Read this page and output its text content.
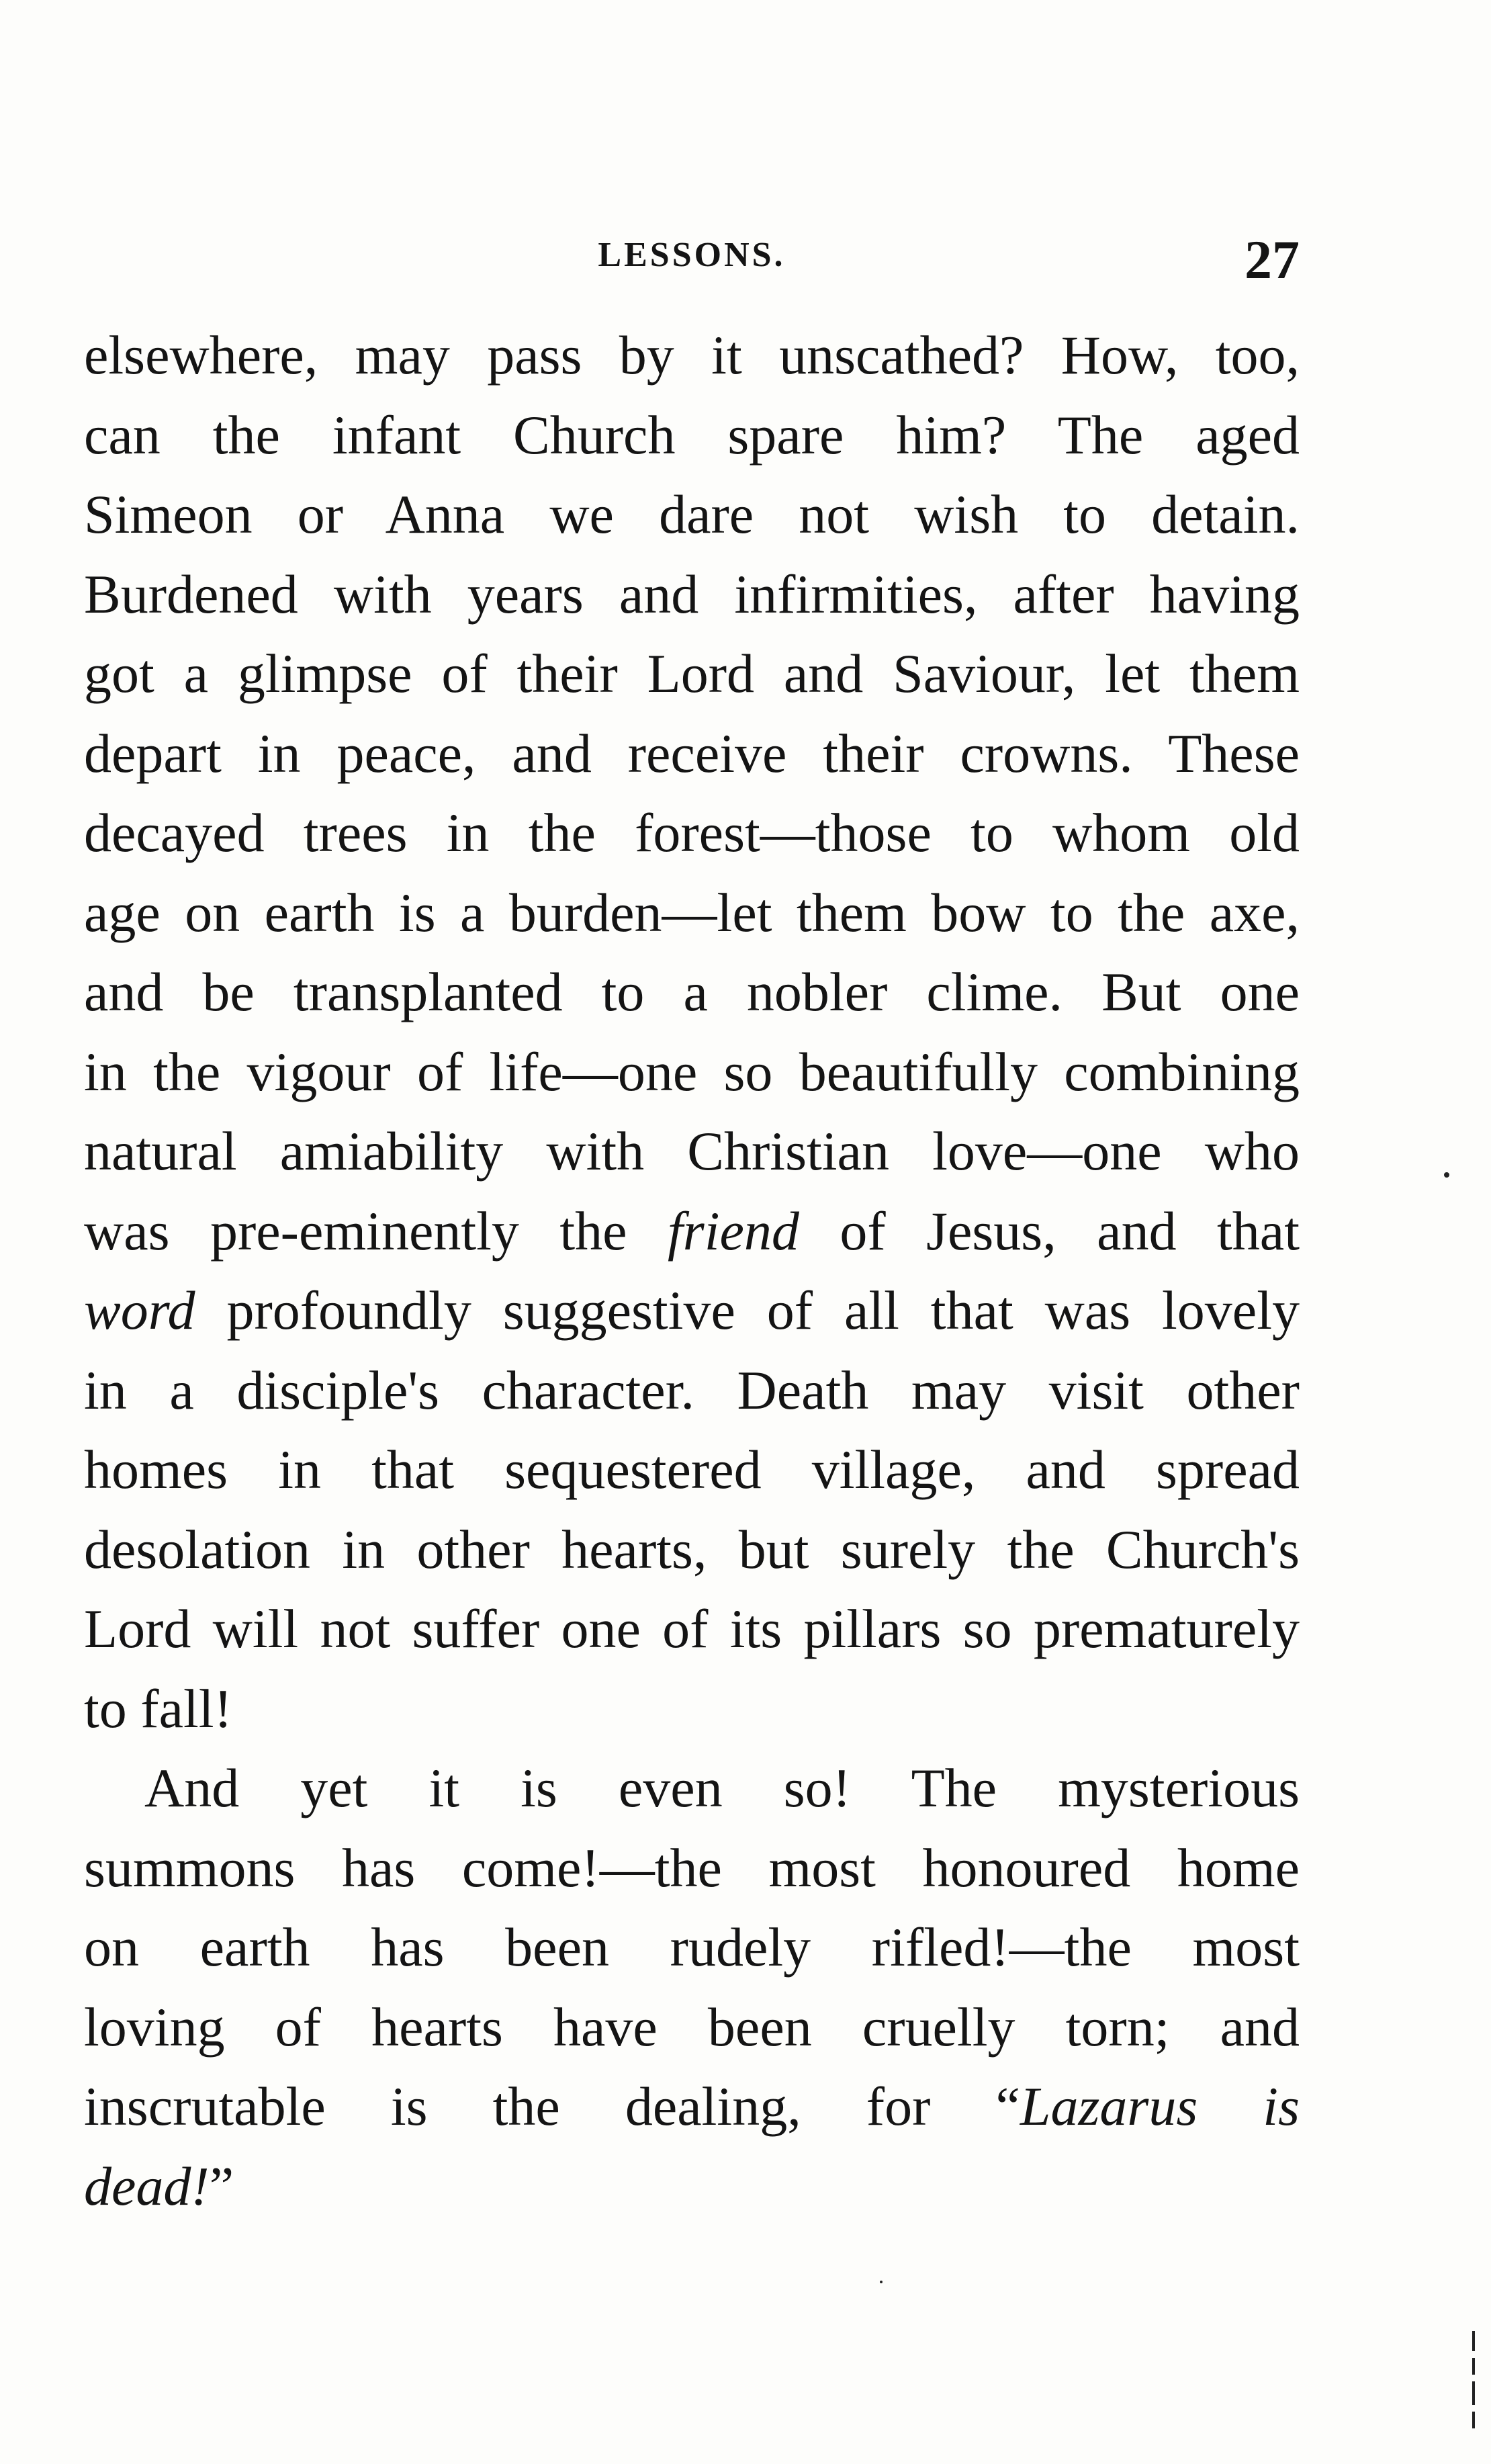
LESSONS.	27
elsewhere, may pass by it unscathed? How, too,
can the infant Church spare him? The aged
Simeon or Anna we dare not wish to detain.
Burdened with years and infirmities, after having
got a glimpse of their Lord and Saviour, let them
depart in peace, and receive their crowns. These
decayed trees in the forest—those to whom old
age on earth is a burden—let them bow to the axe,
and be transplanted to a nobler clime. But one
in the vigour of life—one so beautifully combining
natural amiability with Christian love—one who
was pre-eminently the friend of Jesus, and that
word profoundly suggestive of all that was lovely
in a disciple's character. Death may visit other
homes in that sequestered village, and spread
desolation in other hearts, but surely the Church's
Lord will not suffer one of its pillars so prematurely
to fall!
And yet it is even so! The mysterious
summons has come!—the most honoured home
on earth has been rudely rifled!—the most
loving of hearts have been cruelly torn; and
inscrutable is the dealing, for “Lazarus is
dead!”
